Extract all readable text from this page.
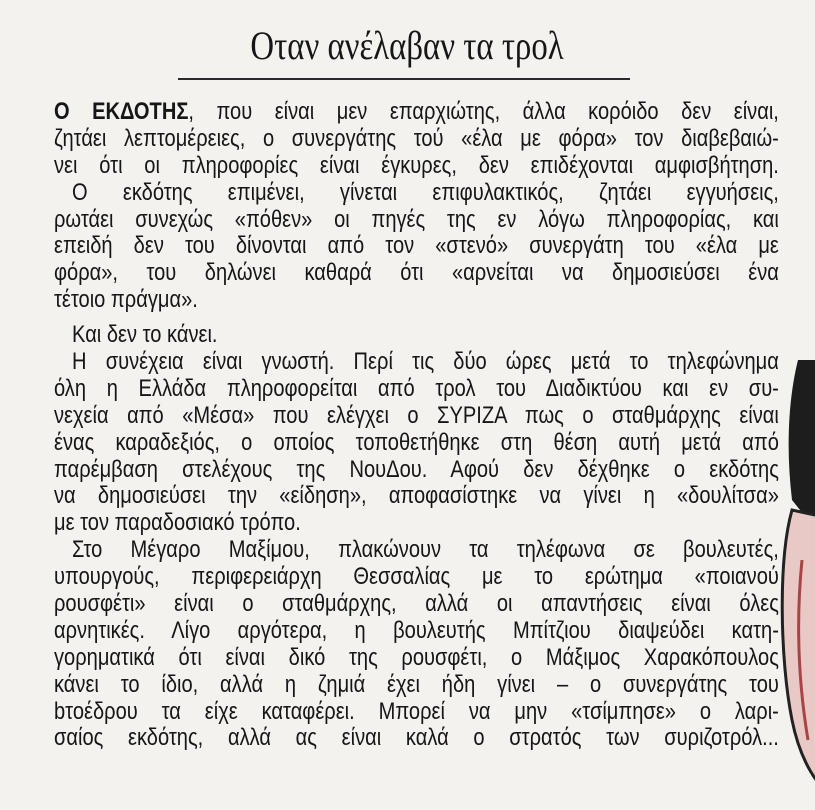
Οταν ανέλαβαν τα τρολ
Ο ΕΚΔΟΤΗΣ, που είναι μεν επαρχιώτης, άλλα κορόιδο δεν είναι,
ζητάει λεπτομέρειες, ο συνεργάτης τού «έλα με φόρα» τον διαβεβαιώ-
νει ότι οι πληροφορίες είναι έγκυρες, δεν επιδέχονται αμφισβήτηση.
Ο εκδότης επιμένει, γίνεται επιφυλακτικός, ζητάει εγγυήσεις,
ρωτάει συνεχώς «πόθεν» οι πηγές της εν λόγω πληροφορίας, και
επειδή δεν του δίνονται από τον «στενό» συνεργάτη του «έλα με
φόρα», του δηλώνει καθαρά ότι «αρνείται να δημοσιεύσει ένα
τέτοιο πράγμα».
Και δεν το κάνει.
Η συνέχεια είναι γνωστή. Περί τις δύο ώρες μετά το τηλεφώνημα
όλη η Ελλάδα πληροφορείται από τρολ του Διαδικτύου και εν συ-
νεχεία από «Μέσα» που ελέγχει ο ΣΥΡΙΖΑ πως ο σταθμάρχης είναι
ένας καραδεξιός, ο οποίος τοποθετήθηκε στη θέση αυτή μετά από
παρέμβαση στελέχους της ΝουΔου. Αφού δεν δέχθηκε ο εκδότης
να δημοσιεύσει την «είδηση», αποφασίστηκε να γίνει η «δουλίτσα»
με τον παραδοσιακό τρόπο.
Στο Μέγαρο Μαξίμου, πλακώνουν τα τηλέφωνα σε βουλευτές,
υπουργούς, περιφερειάρχη Θεσσαλίας με το ερώτημα «ποιανού
ρουσφέτι» είναι ο σταθμάρχης, αλλά οι απαντήσεις είναι όλες
αρνητικές. Λίγο αργότερα, η βουλευτής Μπίτζιου διαψεύδει κατη-
γορηματικά ότι είναι δικό της ρουσφέτι, ο Μάξιμος Χαρακόπουλος
κάνει το ίδιο, αλλά η ζημιά έχει ήδη γίνει – ο συνεργάτης του
bτοέδρου τα είχε καταφέρει. Μπορεί να μην «τσίμπησε» ο λαρι-
σαίος εκδότης, αλλά ας είναι καλά ο στρατός των συριζοτρόλ...
